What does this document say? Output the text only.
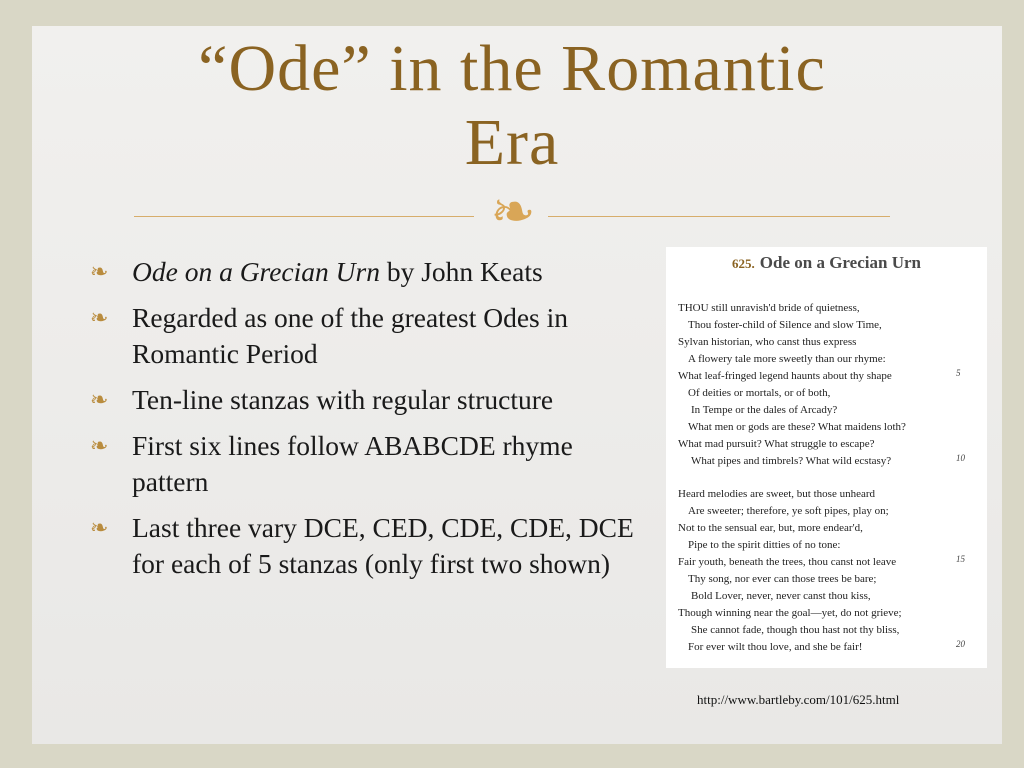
“Ode” in the Romantic
Era
❧
❧ Ode on a Grecian Urn by John Keats
❧ Regarded as one of the greatest Odes in Romantic Period
❧ Ten-line stanzas with regular structure
❧ First six lines follow ABABCDE rhyme pattern
❧ Last three vary DCE, CED, CDE, CDE, DCE for each of 5 stanzas (only first two shown)
625. Ode on a Grecian Urn
THOU still unravish'd bride of quietness,
Thou foster-child of Silence and slow Time,
Sylvan historian, who canst thus express
A flowery tale more sweetly than our rhyme:
What leaf-fringed legend haunts about thy shape
Of deities or mortals, or of both,
In Tempe or the dales of Arcady?
What men or gods are these? What maidens loth?
What mad pursuit? What struggle to escape?
What pipes and timbrels? What wild ecstasy?
Heard melodies are sweet, but those unheard
Are sweeter; therefore, ye soft pipes, play on;
Not to the sensual ear, but, more endear'd,
Pipe to the spirit ditties of no tone:
Fair youth, beneath the trees, thou canst not leave
Thy song, nor ever can those trees be bare;
Bold Lover, never, never canst thou kiss,
Though winning near the goal—yet, do not grieve;
She cannot fade, though thou hast not thy bliss,
For ever wilt thou love, and she be fair!
5
10
15
20
http://www.bartleby.com/101/625.html
